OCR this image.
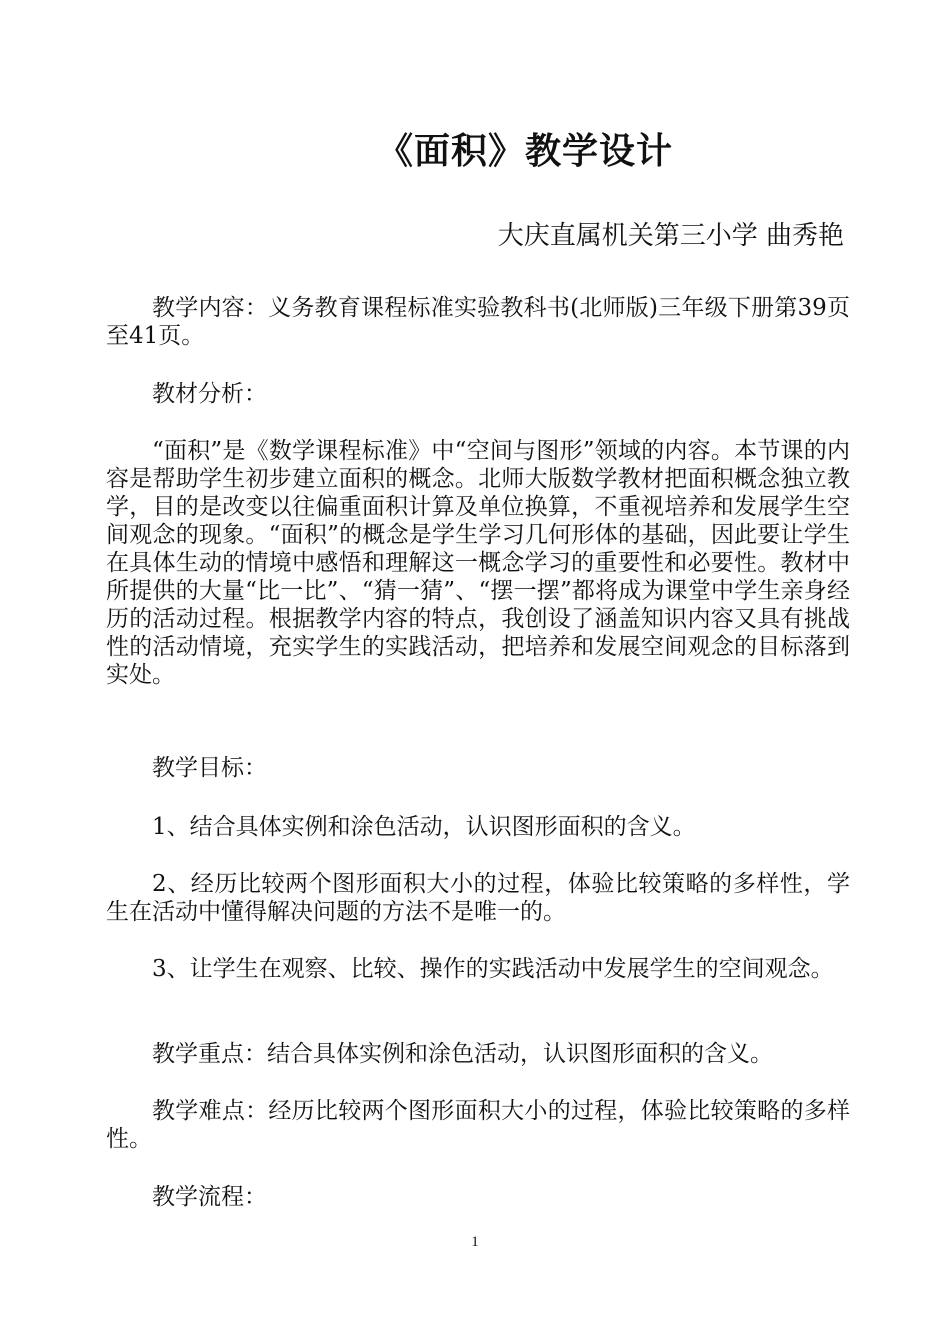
《面积》教学设计
大庆直属机关第三小学 曲秀艳

教学内容：义务教育课程标准实验教科书(北师版)三年级下册第39页至41页。

教材分析：

“面积”是《数学课程标准》中“空间与图形”领域的内容。本节课的内容是帮助学生初步建立面积的概念。北师大版数学教材把面积概念独立教学，目的是改变以往偏重面积计算及单位换算，不重视培养和发展学生空间观念的现象。“面积”的概念是学生学习几何形体的基础，因此要让学生在具体生动的情境中感悟和理解这一概念学习的重要性和必要性。教材中所提供的大量“比一比”、“猜一猜”、“摆一摆”都将成为课堂中学生亲身经历的活动过程。根据教学内容的特点，我创设了涵盖知识内容又具有挑战性的活动情境，充实学生的实践活动，把培养和发展空间观念的目标落到实处。

教学目标：

1、结合具体实例和涂色活动，认识图形面积的含义。

2、经历比较两个图形面积大小的过程，体验比较策略的多样性，学生在活动中懂得解决问题的方法不是唯一的。

3、让学生在观察、比较、操作的实践活动中发展学生的空间观念。

教学重点：结合具体实例和涂色活动，认识图形面积的含义。

教学难点：经历比较两个图形面积大小的过程，体验比较策略的多样性。

教学流程：

1
